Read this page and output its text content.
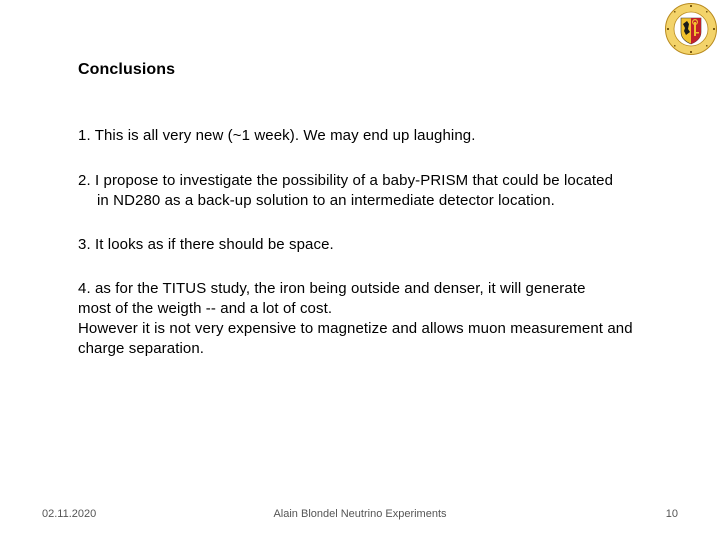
Conclusions
1. This is all very new (~1 week). We may end up laughing.
2. I propose to investigate the possibility of a baby-PRISM that could be located
in ND280 as a back-up solution to an intermediate detector location.
3. It looks as if there should be space.
4. as for the TITUS study, the iron being outside and denser, it will generate
most of the weigth -- and a lot of cost.
However it is not very expensive to magnetize and allows muon measurement and
charge separation.
Alain Blondel Neutrino Experiments
02.11.2020	10
